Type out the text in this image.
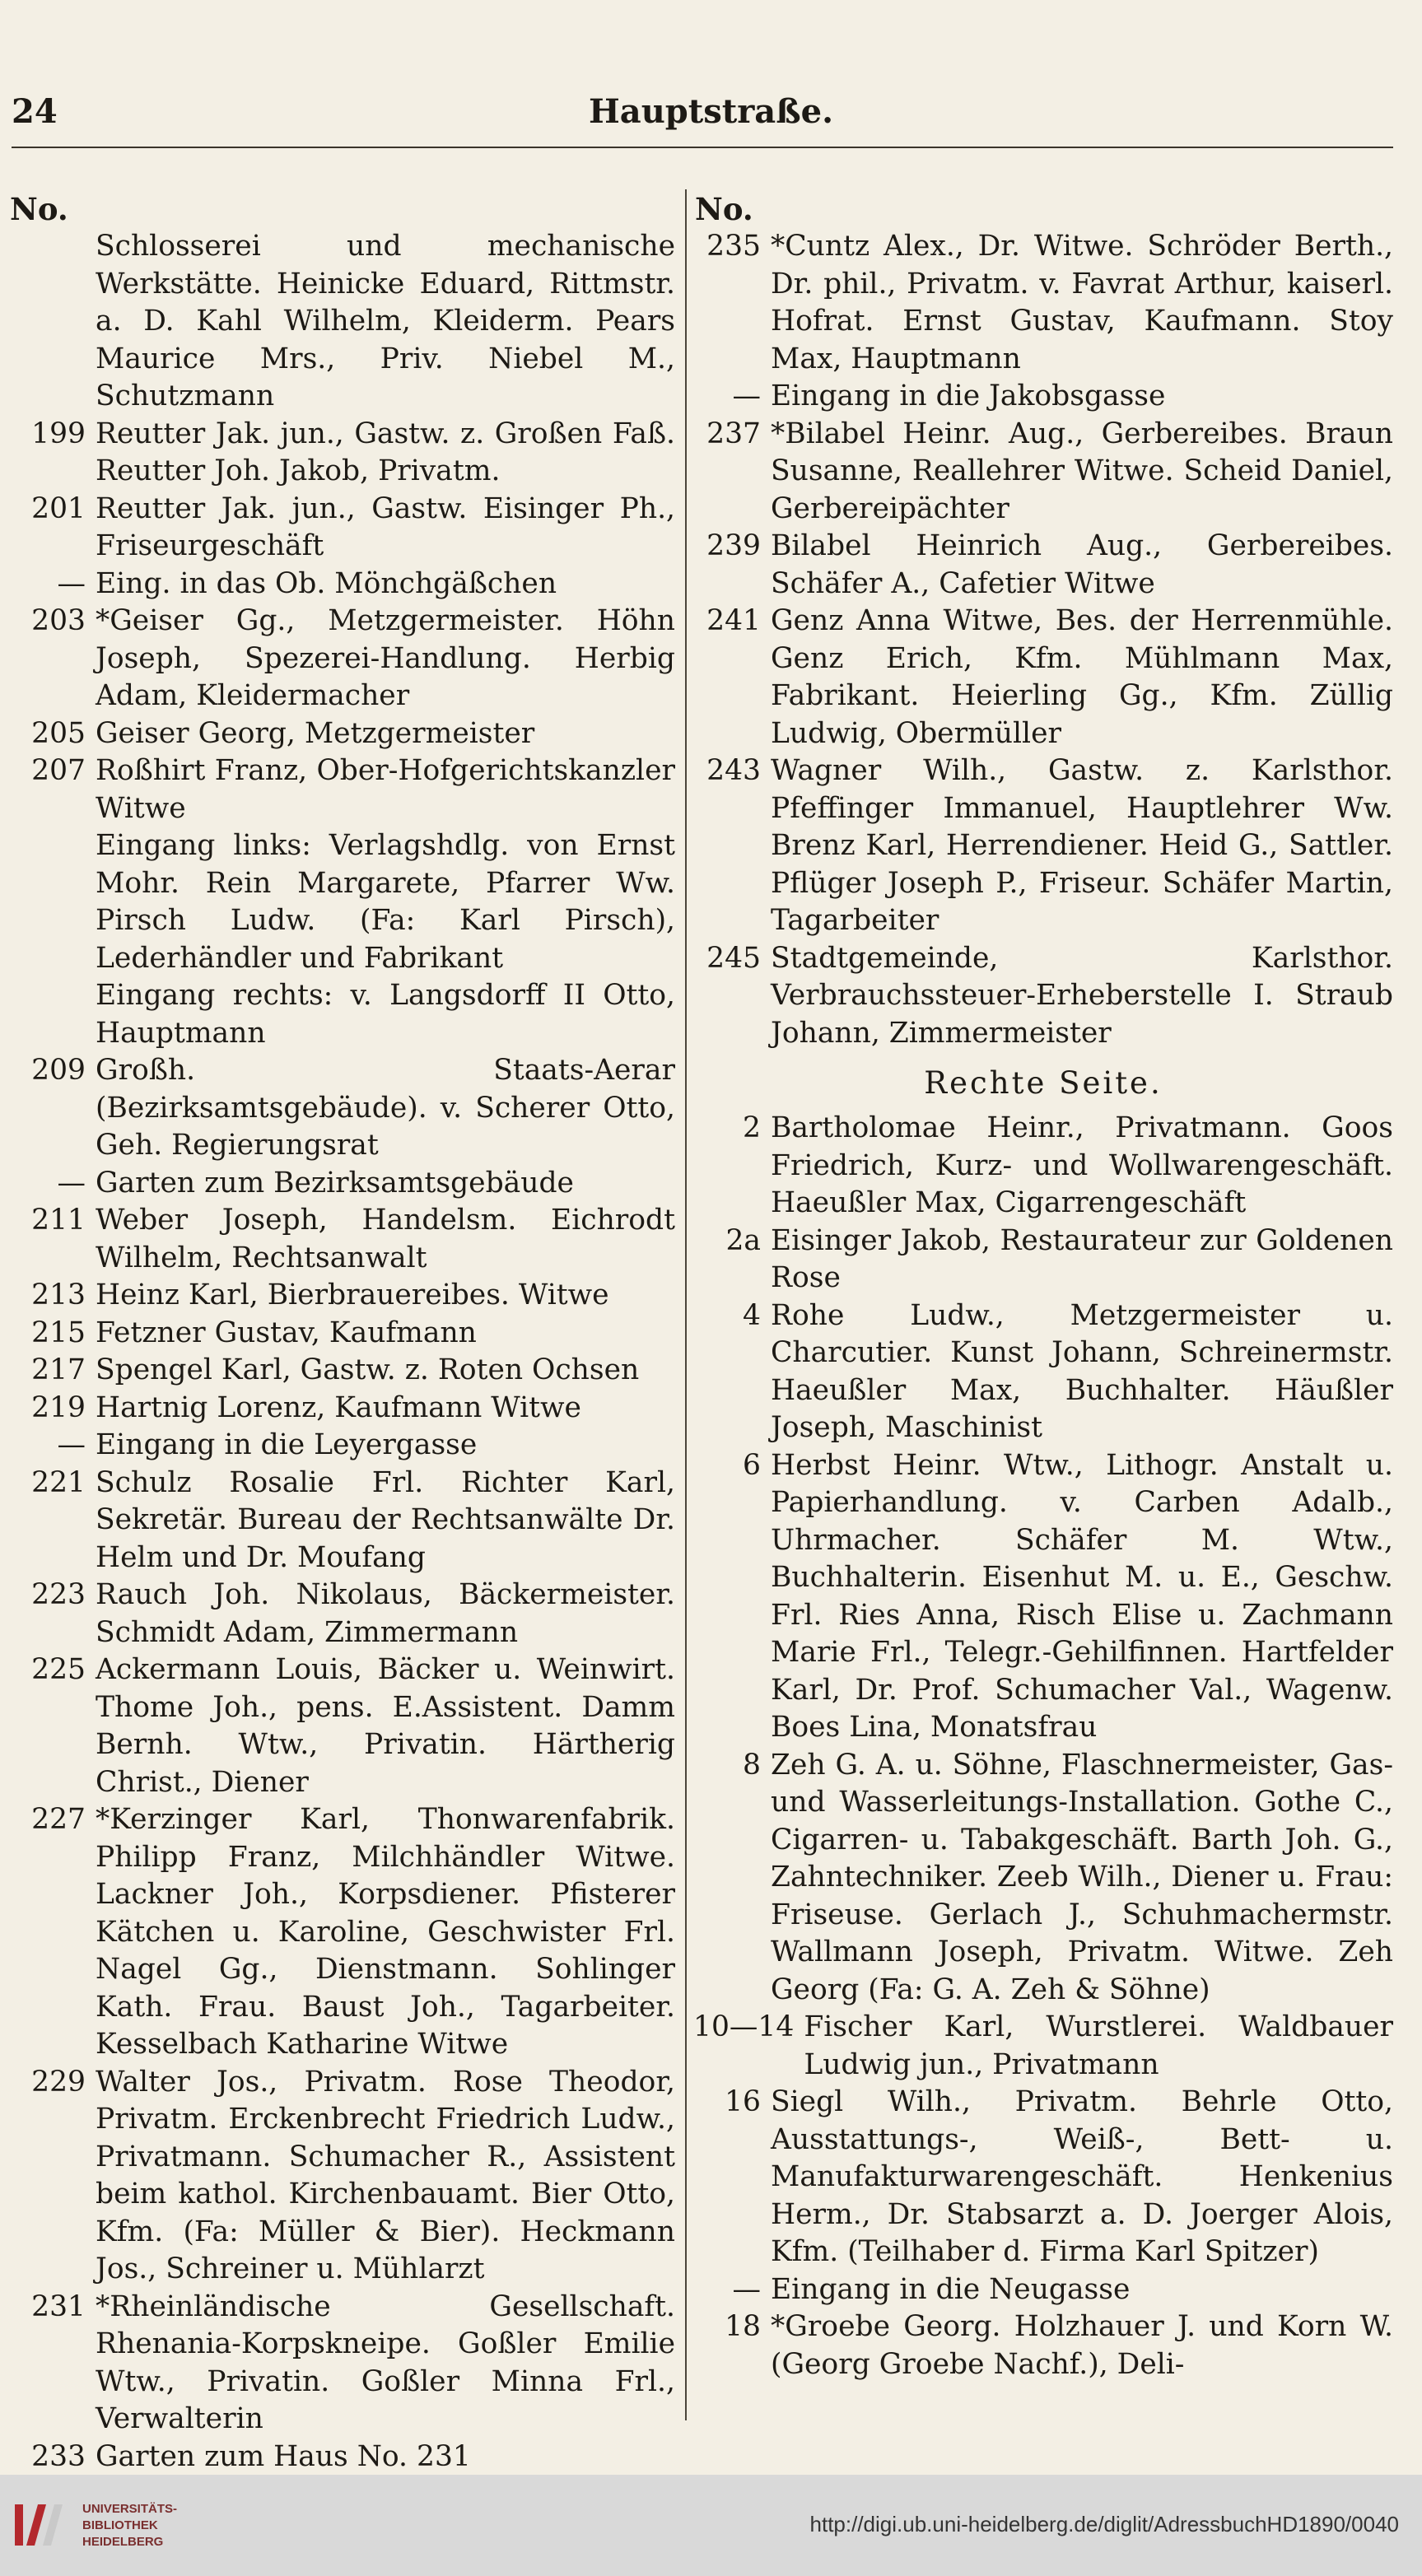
24	Hauptstraße.
No.
Schlosserei und mechanische Werkstätte. Heinicke Eduard, Rittmstr. a. D. Kahl Wilhelm, Kleiderm. Pears Maurice Mrs., Priv. Niebel M., Schutzmann
199 Reutter Jak. jun., Gastw. z. Großen Faß. Reutter Joh. Jakob, Privatm.
201 Reutter Jak. jun., Gastw. Eisinger Ph., Friseurgeschäft
— Eing. in das Ob. Mönchgäßchen
203 *Geiser Gg., Metzgermeister. Höhn Joseph, Spezerei-Handlung. Herbig Adam, Kleidermacher
205 Geiser Georg, Metzgermeister
207 Roßhirt Franz, Ober-Hofgerichtskanzler Witwe
Eingang links: Verlagshdlg. von Ernst Mohr. Rein Margarete, Pfarrer Ww. Pirsch Ludw. (Fa: Karl Pirsch), Lederhändler und Fabrikant
Eingang rechts: v. Langsdorff II Otto, Hauptmann
209 Großh. Staats-Aerar (Bezirksamtsgebäude). v. Scherer Otto, Geh. Regierungsrat
— Garten zum Bezirksamtsgebäude
211 Weber Joseph, Handelsm. Eichrodt Wilhelm, Rechtsanwalt
213 Heinz Karl, Bierbrauereibes. Witwe
215 Fetzner Gustav, Kaufmann
217 Spengel Karl, Gastw. z. Roten Ochsen
219 Hartnig Lorenz, Kaufmann Witwe
— Eingang in die Leyergasse
221 Schulz Rosalie Frl. Richter Karl, Sekretär. Bureau der Rechtsanwälte Dr. Helm und Dr. Moufang
223 Rauch Joh. Nikolaus, Bäckermeister. Schmidt Adam, Zimmermann
225 Ackermann Louis, Bäcker u. Weinwirt. Thome Joh., pens. E.Assistent. Damm Bernh. Wtw., Privatin. Härtherig Christ., Diener
227 *Kerzinger Karl, Thonwarenfabrik. Philipp Franz, Milchhändler Witwe. Lackner Joh., Korpsdiener. Pfisterer Kätchen u. Karoline, Geschwister Frl. Nagel Gg., Dienstmann. Sohlinger Kath. Frau. Baust Joh., Tagarbeiter. Kesselbach Katharine Witwe
229 Walter Jos., Privatm. Rose Theodor, Privatm. Erckenbrecht Friedrich Ludw., Privatmann. Schumacher R., Assistent beim kathol. Kirchenbauamt. Bier Otto, Kfm. (Fa: Müller & Bier). Heckmann Jos., Schreiner u. Mühlarzt
231 *Rheinländische Gesellschaft. Rhenania-Korpskneipe. Goßler Emilie Wtw., Privatin. Goßler Minna Frl., Verwalterin
233 Garten zum Haus No. 231
No.
235 *Cuntz Alex., Dr. Witwe. Schröder Berth., Dr. phil., Privatm. v. Favrat Arthur, kaiserl. Hofrat. Ernst Gustav, Kaufmann. Stoy Max, Hauptmann
— Eingang in die Jakobsgasse
237 *Bilabel Heinr. Aug., Gerbereibes. Braun Susanne, Reallehrer Witwe. Scheid Daniel, Gerbereipächter
239 Bilabel Heinrich Aug., Gerbereibes. Schäfer A., Cafetier Witwe
241 Genz Anna Witwe, Bes. der Herrenmühle. Genz Erich, Kfm. Mühlmann Max, Fabrikant. Heierling Gg., Kfm. Züllig Ludwig, Obermüller
243 Wagner Wilh., Gastw. z. Karlsthor. Pfeffinger Immanuel, Hauptlehrer Ww. Brenz Karl, Herrendiener. Heid G., Sattler. Pflüger Joseph P., Friseur. Schäfer Martin, Tagarbeiter
245 Stadtgemeinde, Karlsthor. Verbrauchssteuer-Erheberstelle I. Straub Johann, Zimmermeister
Rechte Seite.
2 Bartholomae Heinr., Privatmann. Goos Friedrich, Kurz- und Wollwarengeschäft. Haeußler Max, Cigarrengeschäft
2a Eisinger Jakob, Restaurateur zur Goldenen Rose
4 Rohe Ludw., Metzgermeister u. Charcutier. Kunst Johann, Schreinermstr. Haeußler Max, Buchhalter. Häußler Joseph, Maschinist
6 Herbst Heinr. Wtw., Lithogr. Anstalt u. Papierhandlung. v. Carben Adalb., Uhrmacher. Schäfer M. Wtw., Buchhalterin. Eisenhut M. u. E., Geschw. Frl. Ries Anna, Risch Elise u. Zachmann Marie Frl., Telegr.-Gehilfinnen. Hartfelder Karl, Dr. Prof. Schumacher Val., Wagenw. Boes Lina, Monatsfrau
8 Zeh G. A. u. Söhne, Flaschnermeister, Gas- und Wasserleitungs-Installation. Gothe C., Cigarren- u. Tabakgeschäft. Barth Joh. G., Zahntechniker. Zeeb Wilh., Diener u. Frau: Friseuse. Gerlach J., Schuhmachermstr. Wallmann Joseph, Privatm. Witwe. Zeh Georg (Fa: G. A. Zeh & Söhne)
10—14 Fischer Karl, Wurstlerei. Waldbauer Ludwig jun., Privatmann
16 Siegl Wilh., Privatm. Behrle Otto, Ausstattungs-, Weiß-, Bett- u. Manufakturwarengeschäft. Henkenius Herm., Dr. Stabsarzt a. D. Joerger Alois, Kfm. (Teilhaber d. Firma Karl Spitzer)
— Eingang in die Neugasse
18 *Groebe Georg. Holzhauer J. und Korn W. (Georg Groebe Nachf.), Deli-
UNIVERSITÄTS-
BIBLIOTHEK
HEIDELBERG
http://digi.ub.uni-heidelberg.de/diglit/AdressbuchHD1890/0040
